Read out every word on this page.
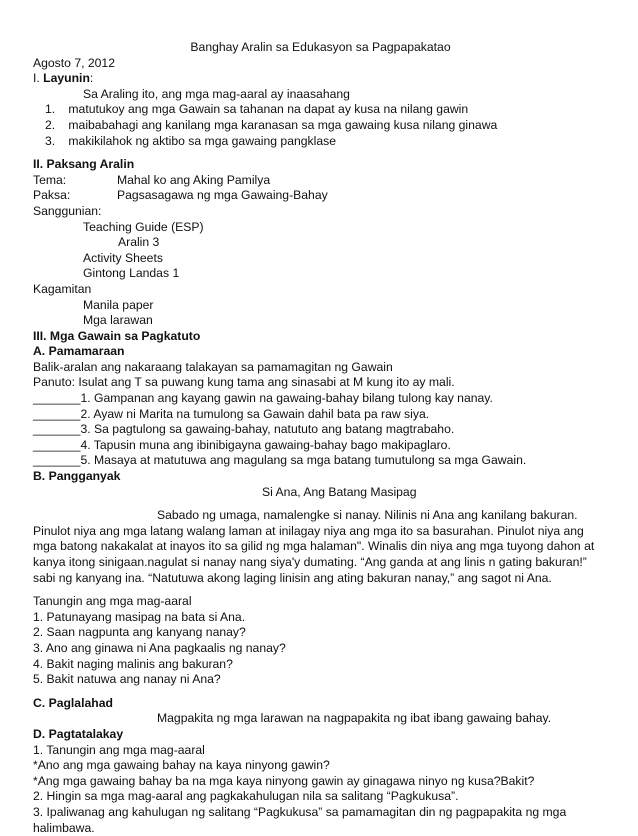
Banghay Aralin sa Edukasyon sa Pagpapakatao
Agosto 7, 2012
I. Layunin:
Sa Araling ito, ang mga mag-aaral ay inaasahang
1. matutukoy ang mga Gawain sa tahanan na dapat ay kusa na nilang gawin
2. maibabahagi ang kanilang mga karanasan sa mga gawaing kusa nilang ginawa
3. makikilahok ng aktibo sa mga gawaing pangklase
II. Paksang Aralin
Tema:	Mahal ko ang Aking Pamilya
Paksa:	Pagsasagawa ng mga Gawaing-Bahay
Sanggunian:
Teaching Guide (ESP)
Aralin 3
Activity Sheets
Gintong Landas 1
Kagamitan
Manila paper
Mga larawan
III. Mga Gawain sa Pagkatuto
A. Pamamaraan
Balik-aralan ang nakaraang talakayan sa pamamagitan ng Gawain
Panuto: Isulat ang T sa puwang kung tama ang sinasabi at M kung ito ay mali.
_______1. Gampanan ang kayang gawin na gawaing-bahay bilang tulong kay nanay.
_______2. Ayaw ni Marita na tumulong sa Gawain dahil bata pa raw siya.
_______3. Sa pagtulong sa gawaing-bahay, natututo ang batang magtrabaho.
_______4. Tapusin muna ang ibinibigayna gawaing-bahay bago makipaglaro.
_______5. Masaya at matutuwa ang magulang sa mga batang tumutulong sa mga Gawain.
B. Pangganyak
Si Ana, Ang Batang Masipag
Sabado ng umaga, namalengke si nanay. Nilinis ni Ana ang kanilang bakuran. Pinulot niya ang mga latang walang laman at inilagay niya ang mga ito sa basurahan. Pinulot niya ang mga batong nakakalat at inayos ito sa gilid ng mga halaman". Winalis din niya ang mga tuyong dahon at kanya itong sinigaan.nagulat si nanay nang siya'y dumating. “Ang ganda at ang linis n gating bakuran!” sabi ng kanyang ina. “Natutuwa akong laging linisin ang ating bakuran nanay,” ang sagot ni Ana.
Tanungin ang mga mag-aaral
1. Patunayang masipag na bata si Ana.
2. Saan nagpunta ang kanyang nanay?
3. Ano ang ginawa ni Ana pagkaalis ng nanay?
4. Bakit naging malinis ang bakuran?
5. Bakit natuwa ang nanay ni Ana?
C. Paglalahad
Magpakita ng mga larawan na nagpapakita ng ibat ibang gawaing bahay.
D. Pagtatalakay
1. Tanungin ang mga mag-aaral
*Ano ang mga gawaing bahay na kaya ninyong gawin?
*Ang mga gawaing bahay ba na mga kaya ninyong gawin ay ginagawa ninyo ng kusa?Bakit?
2. Hingin sa mga mag-aaral ang pagkakahulugan nila sa salitang “Pagkukusa”.
3. Ipaliwanag ang kahulugan ng salitang “Pagkukusa” sa pamamagitan din ng pagpapakita ng mga halimbawa.
